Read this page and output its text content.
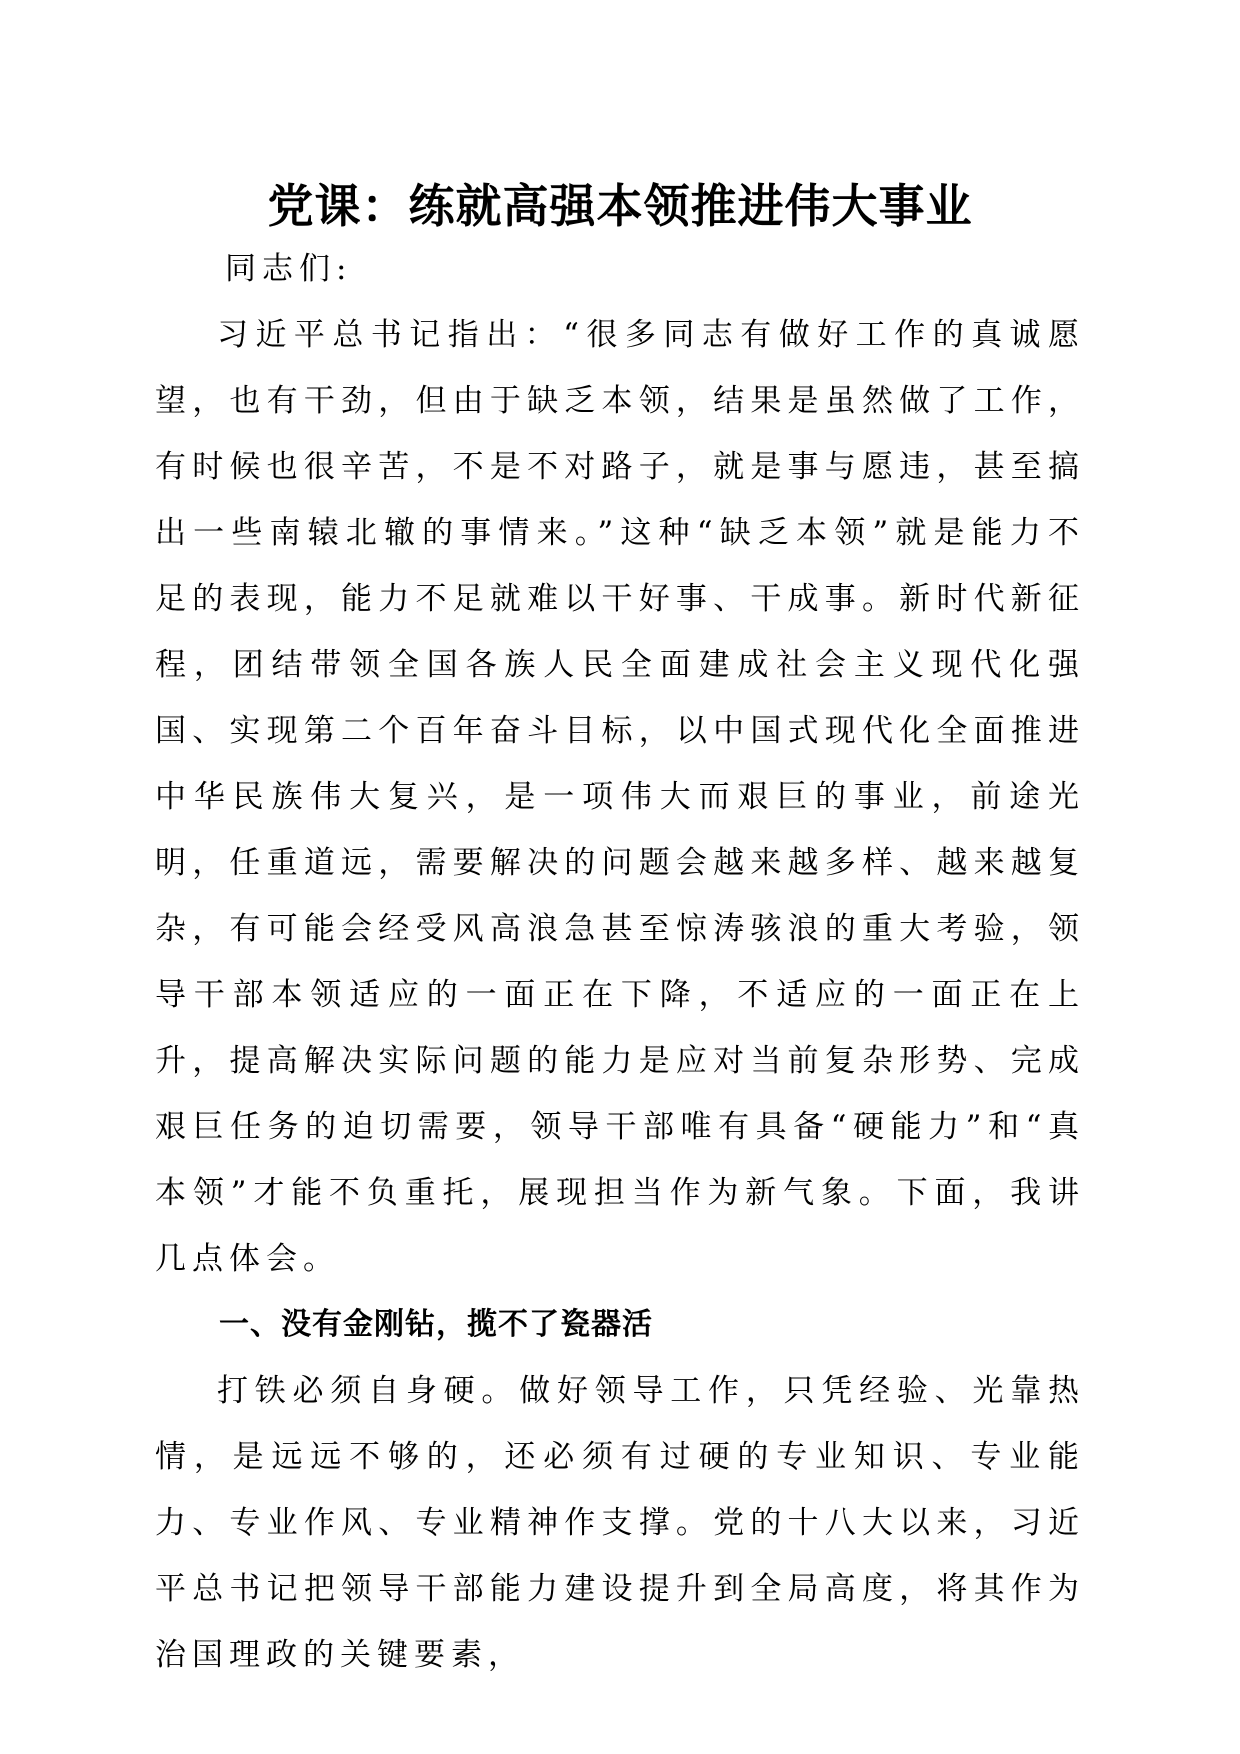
党课：练就高强本领推进伟大事业

同志们:

习近平总书记指出：“很多同志有做好工作的真诚愿望，也有干劲，但由于缺乏本领，结果是虽然做了工作，有时候也很辛苦，不是不对路子，就是事与愿违，甚至搞出一些南辕北辙的事情来。”这种“缺乏本领”就是能力不足的表现，能力不足就难以干好事、干成事。新时代新征程，团结带领全国各族人民全面建成社会主义现代化强国、实现第二个百年奋斗目标，以中国式现代化全面推进中华民族伟大复兴，是一项伟大而艰巨的事业，前途光明，任重道远，需要解决的问题会越来越多样、越来越复杂，有可能会经受风高浪急甚至惊涛骇浪的重大考验，领导干部本领适应的一面正在下降，不适应的一面正在上升，提高解决实际问题的能力是应对当前复杂形势、完成艰巨任务的迫切需要，领导干部唯有具备“硬能力”和“真本领”才能不负重托，展现担当作为新气象。下面，我讲几点体会。

一、没有金刚钻，揽不了瓷器活

打铁必须自身硬。做好领导工作，只凭经验、光靠热情，是远远不够的，还必须有过硬的专业知识、专业能力、专业作风、专业精神作支撑。党的十八大以来，习近平总书记把领导干部能力建设提升到全局高度，将其作为治国理政的关键要素，
